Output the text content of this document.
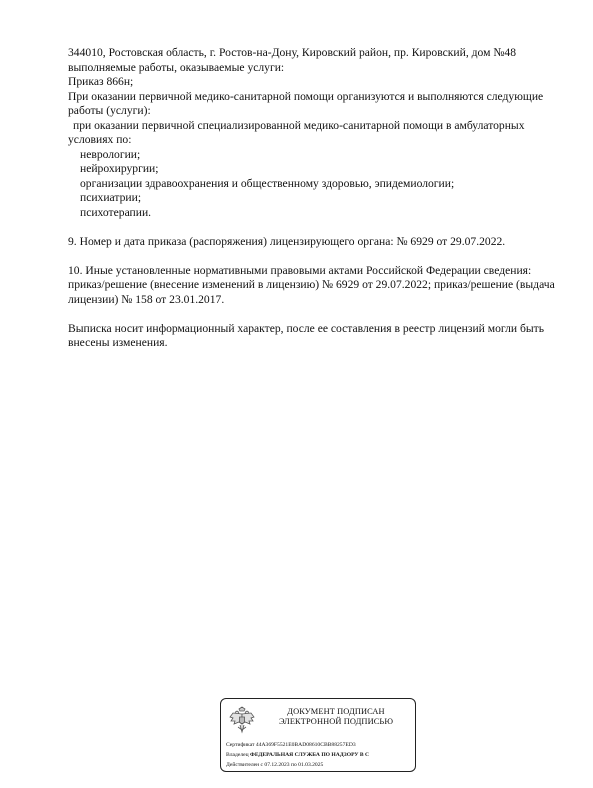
344010, Ростовская область, г. Ростов-на-Дону, Кировский район, пр. Кировский, дом №48
выполняемые работы, оказываемые услуги:
Приказ 866н;
При оказании первичной медико-санитарной помощи организуются и выполняются следующие
работы (услуги):
при оказании первичной специализированной медико-санитарной помощи в амбулаторных
условиях по:
неврологии;
нейрохирургии;
организации здравоохранения и общественному здоровью, эпидемиологии;
психиатрии;
психотерапии.
9. Номер и дата приказа (распоряжения) лицензирующего органа: № 6929 от 29.07.2022.
10. Иные установленные нормативными правовыми актами Российской Федерации сведения:
приказ/решение (внесение изменений в лицензию) № 6929 от 29.07.2022; приказ/решение (выдача
лицензии) № 158 от 23.01.2017.
Выписка носит информационный характер, после ее составления в реестр лицензий могли быть
внесены изменения.
ДОКУМЕНТ ПОДПИСАН
ЭЛЕКТРОННОЙ ПОДПИСЬЮ
Сертификат 44A369F5521E0BAD08610CBB88257ED3
Владелец ФЕДЕРАЛЬНАЯ СЛУЖБА ПО НАДЗОРУ В С
Действителен с 07.12.2023 по 01.03.2025
